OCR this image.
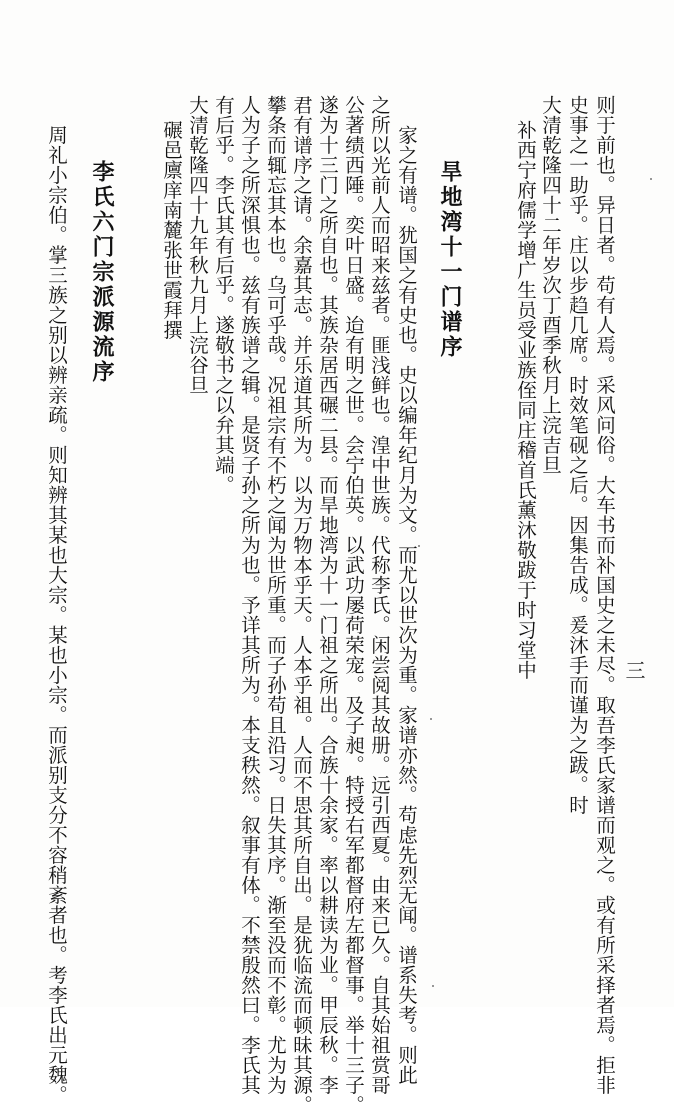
三
则于前也。异日者。苟有人焉。采风问俗。大车书而补国史之未尽。取吾李氏家谱而观之。或有所采择者焉。拒非
史事之一助乎。庄以步趋几席。时效笔砚之后。因集告成。爰沐手而谨为之跋。时
大清乾隆四十二年岁次丁酉季秋月上浣吉旦
补西宁府儒学增广生员受业族侄同庄稽首氏薰沐敬跋于时习堂中
旱地湾十一门谱序
家之有谱。犹国之有史也。史以编年纪月为文。而尤以世次为重。家谱亦然。苟虑先烈无闻。谱系失考。则此
之所以光前人而昭来兹者。匪浅鲜也。湟中世族。代称李氏。闲尝阅其故册。远引西夏。由来已久。自其始祖赏哥
公著绩西陲。奕叶日盛。迨有明之世。会宁伯英。以武功屡荷荣宠。及子昶。特授右军都督府左都督事。举十三子。
遂为十三门之所自也。其族杂居西碾二县。而旱地湾为十一门祖之所出。合族十余家。率以耕读为业。甲辰秋。李
君有谱序之请。余嘉其志。并乐道其所为。以为万物本乎天。人本乎祖。人而不思其所自出。是犹临流而顿昧其源。
攀条而辄忘其本也。乌可乎哉。况祖宗有不朽之闻为世所重。而子孙苟且沿习。日失其序。渐至没而不彰。尤为为
人为子之所深惧也。兹有族谱之辑。是贤子孙之所为也。予详其所为。本支秩然。叙事有体。不禁殷然曰。李氏其
有后乎。李氏其有后乎。遂敬书之以弁其端。
大清乾隆四十九年秋九月上浣谷旦
碾邑廪庠南麓张世霞拜撰
李氏六门宗派源流序
周礼小宗伯。掌三族之别以辨亲疏。则知辨其某也大宗。某也小宗。而派别支分不容稍紊者也。考李氏出元魏。
